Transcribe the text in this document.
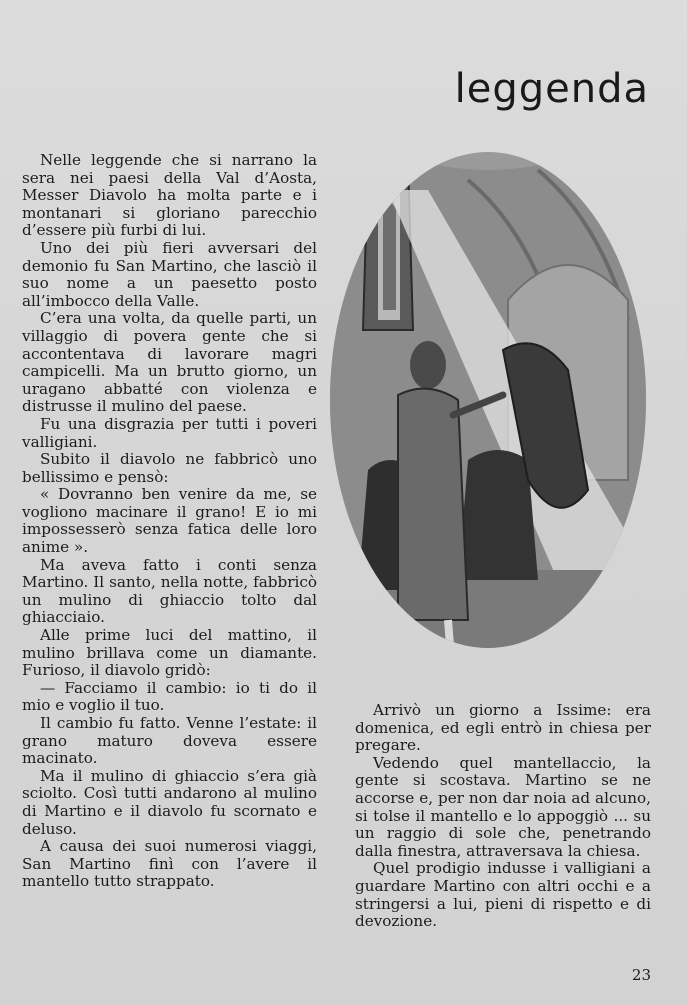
leggenda

Nelle leggende che si narrano la sera nei paesi della Val d’Aosta, Messer Diavolo ha molta parte e i montanari si gloriano parecchio d’essere più furbi di lui.

Uno dei più fieri avversari del demonio fu San Martino, che lasciò il suo nome a un paesetto posto all’imbocco della Valle.

C’era una volta, da quelle parti, un villaggio di povera gente che si accontentava di lavorare magri campicelli. Ma un brutto giorno, un uragano abbatté con violenza e distrusse il mulino del paese.

Fu una disgrazia per tutti i poveri valligiani.

Subito il diavolo ne fabbricò uno bellissimo e pensò:

« Dovranno ben venire da me, se vogliono macinare il grano! E io mi impossesserò senza fatica delle loro anime ».

Ma aveva fatto i conti senza Martino. Il santo, nella notte, fabbricò un mulino di ghiaccio tolto dal ghiacciaio.

Alle prime luci del mattino, il mulino brillava come un diamante. Furioso, il diavolo gridò:

— Facciamo il cambio: io ti do il mio e voglio il tuo.

Il cambio fu fatto. Venne l’estate: il grano maturo doveva essere macinato.

Ma il mulino di ghiaccio s’era già sciolto. Così tutti andarono al mulino di Martino e il diavolo fu scornato e deluso.

A causa dei suoi numerosi viaggi, San Martino finì con l’avere il mantello tutto strappato.

Arrivò un giorno a Issime: era domenica, ed egli entrò in chiesa per pregare.

Vedendo quel mantellaccio, la gente si scostava. Martino se ne accorse e, per non dar noia ad alcuno, si tolse il mantello e lo appoggiò ... su un raggio di sole che, penetrando dalla finestra, attraversava la chiesa.

Quel prodigio indusse i valligiani a guardare Martino con altri occhi e a stringersi a lui, pieni di rispetto e di devozione.

23
